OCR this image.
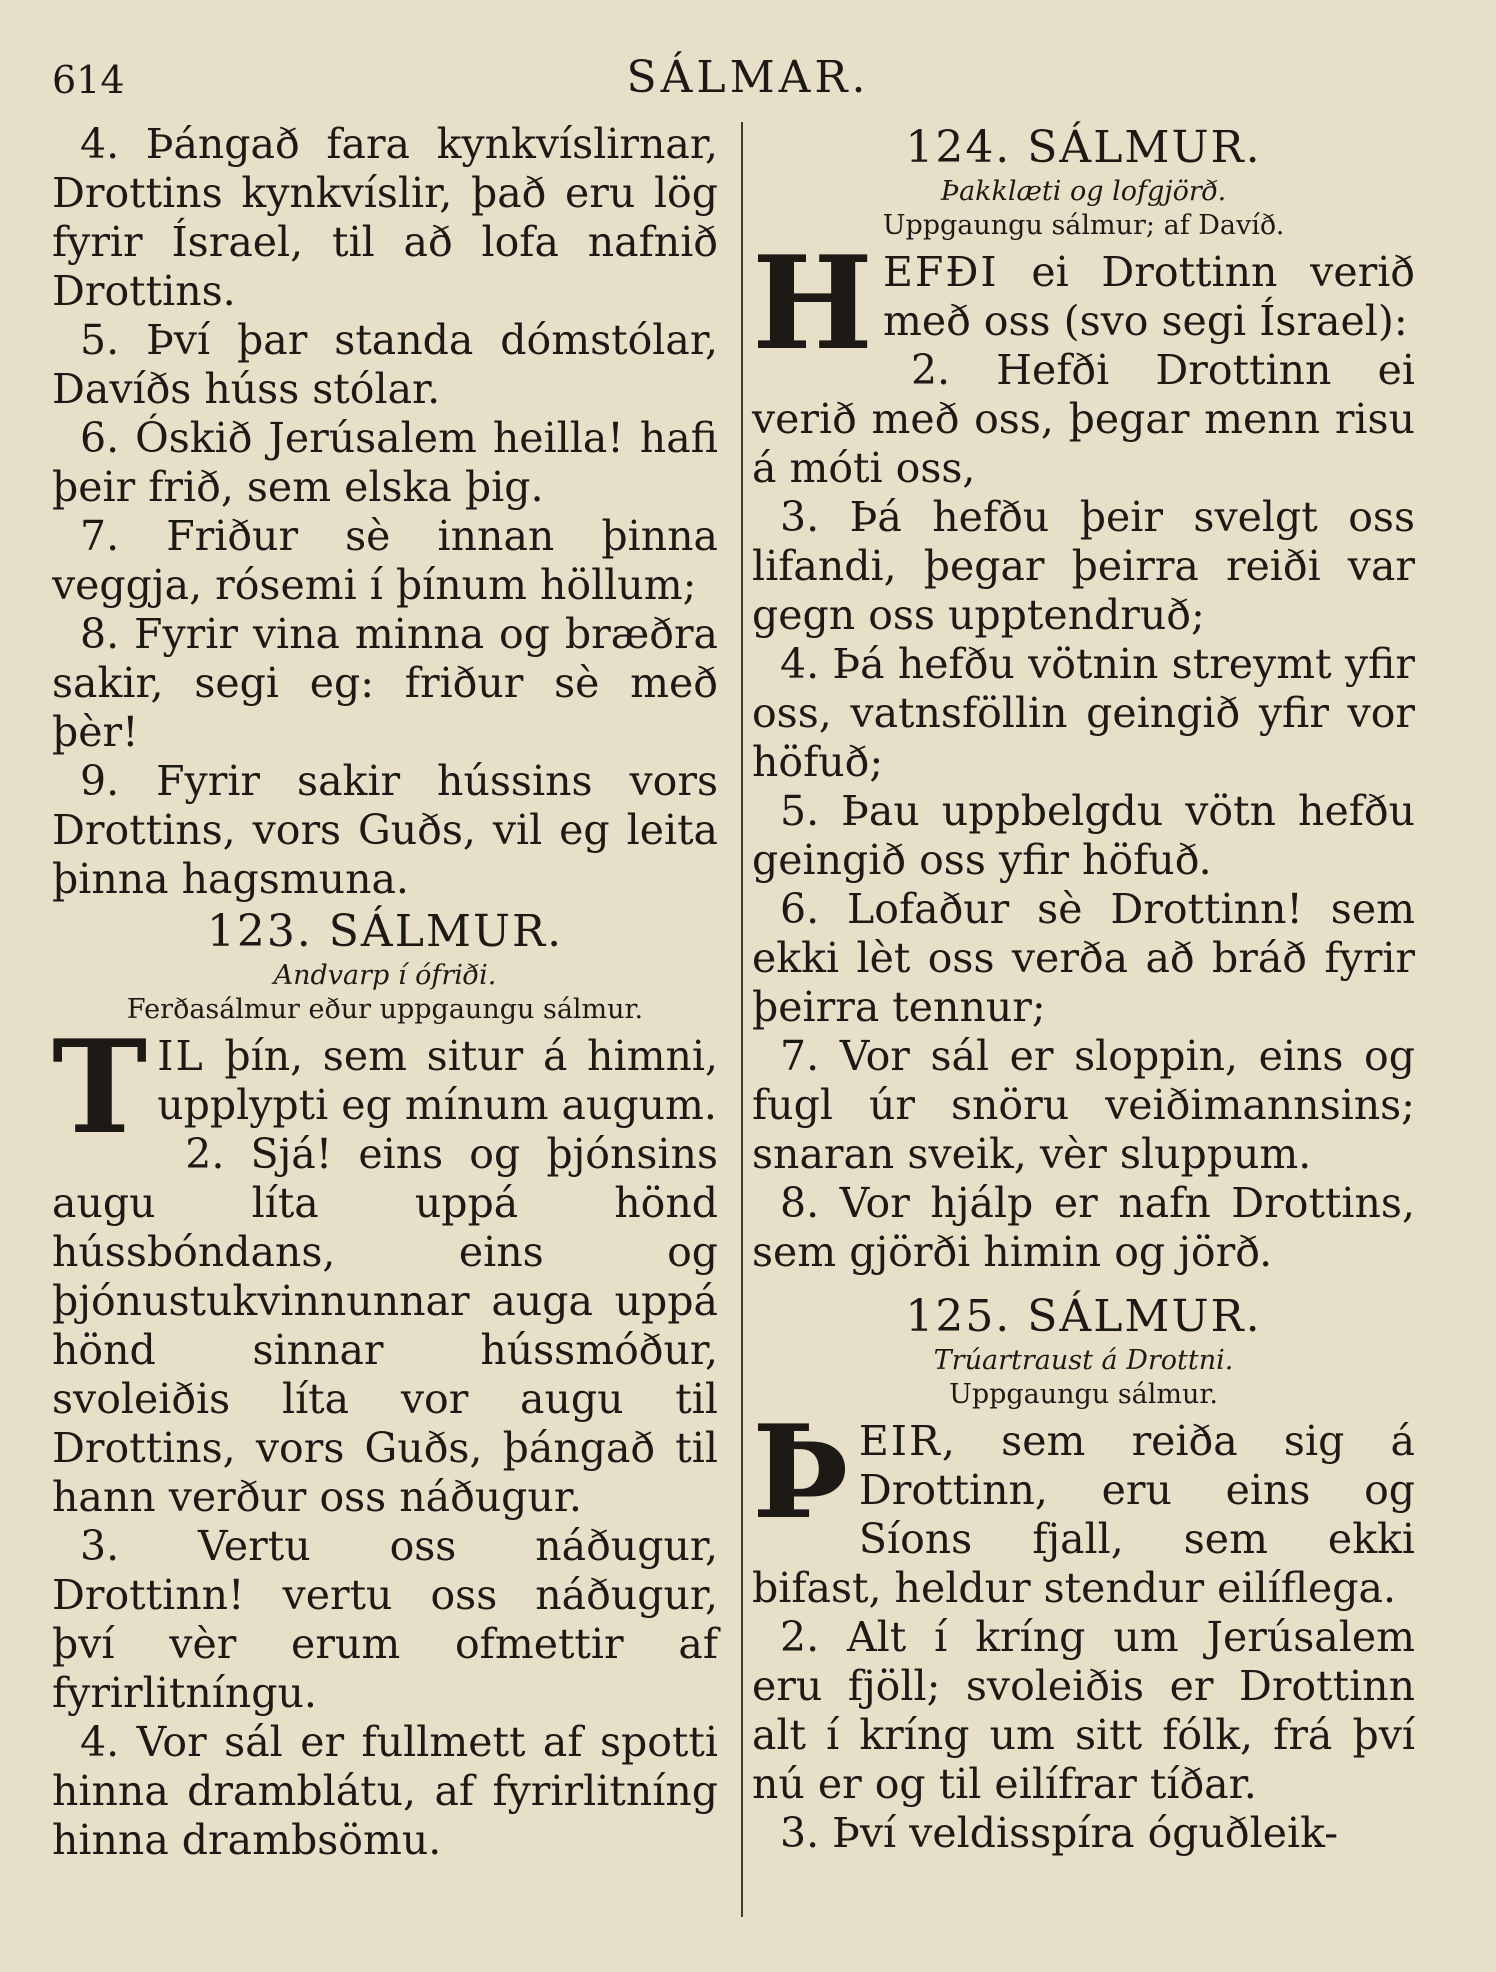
614	SÁLMAR.

4. Þángað fara kynkvíslirnar, Drottins kynkvíslir, það eru lög fyrir Ísrael, til að lofa nafnið Drottins.

5. Því þar standa dómstólar, Davíðs húss stólar.

6. Óskið Jerúsalem heilla! hafi þeir frið, sem elska þig.

7. Friður sè innan þinna veggja, rósemi í þínum höllum;

8. Fyrir vina minna og bræðra sakir, segi eg: friður sè með þèr!

9. Fyrir sakir hússins vors Drottins, vors Guðs, vil eg leita þinna hagsmuna.

123. SÁLMUR.
Andvarp í ófriði.
Ferðasálmur eður uppgaungu sálmur.

TIL þín, sem situr á himni, upplypti eg mínum augum.

2. Sjá! eins og þjónsins augu líta uppá hönd hússbóndans, eins og þjónustukvinnunnar auga uppá hönd sinnar hússmóður, svoleiðis líta vor augu til Drottins, vors Guðs, þángað til hann verður oss náðugur.

3. Vertu oss náðugur, Drottinn! vertu oss náðugur, því vèr erum ofmettir af fyrirlitníngu.

4. Vor sál er fullmett af spotti hinna dramblátu, af fyrirlitníng hinna drambsömu.

124. SÁLMUR.
Þakklæti og lofgjörð.
Uppgaungu sálmur; af Davíð.

HEFÐI ei Drottinn verið með oss (svo segi Ísrael):

2. Hefði Drottinn ei verið með oss, þegar menn risu á móti oss,

3. Þá hefðu þeir svelgt oss lifandi, þegar þeirra reiði var gegn oss upptendruð;

4. Þá hefðu vötnin streymt yfir oss, vatnsföllin geingið yfir vor höfuð;

5. Þau uppbelgdu vötn hefðu geingið oss yfir höfuð.

6. Lofaður sè Drottinn! sem ekki lèt oss verða að bráð fyrir þeirra tennur;

7. Vor sál er sloppin, eins og fugl úr snöru veiðimannsins; snaran sveik, vèr sluppum.

8. Vor hjálp er nafn Drottins, sem gjörði himin og jörð.

125. SÁLMUR.
Trúartraust á Drottni.
Uppgaungu sálmur.

ÞEIR, sem reiða sig á Drottinn, eru eins og Síons fjall, sem ekki bifast, heldur stendur eilíflega.

2. Alt í kríng um Jerúsalem eru fjöll; svoleiðis er Drottinn alt í kríng um sitt fólk, frá því nú er og til eilífrar tíðar.

3. Því veldisspíra óguðleik-
